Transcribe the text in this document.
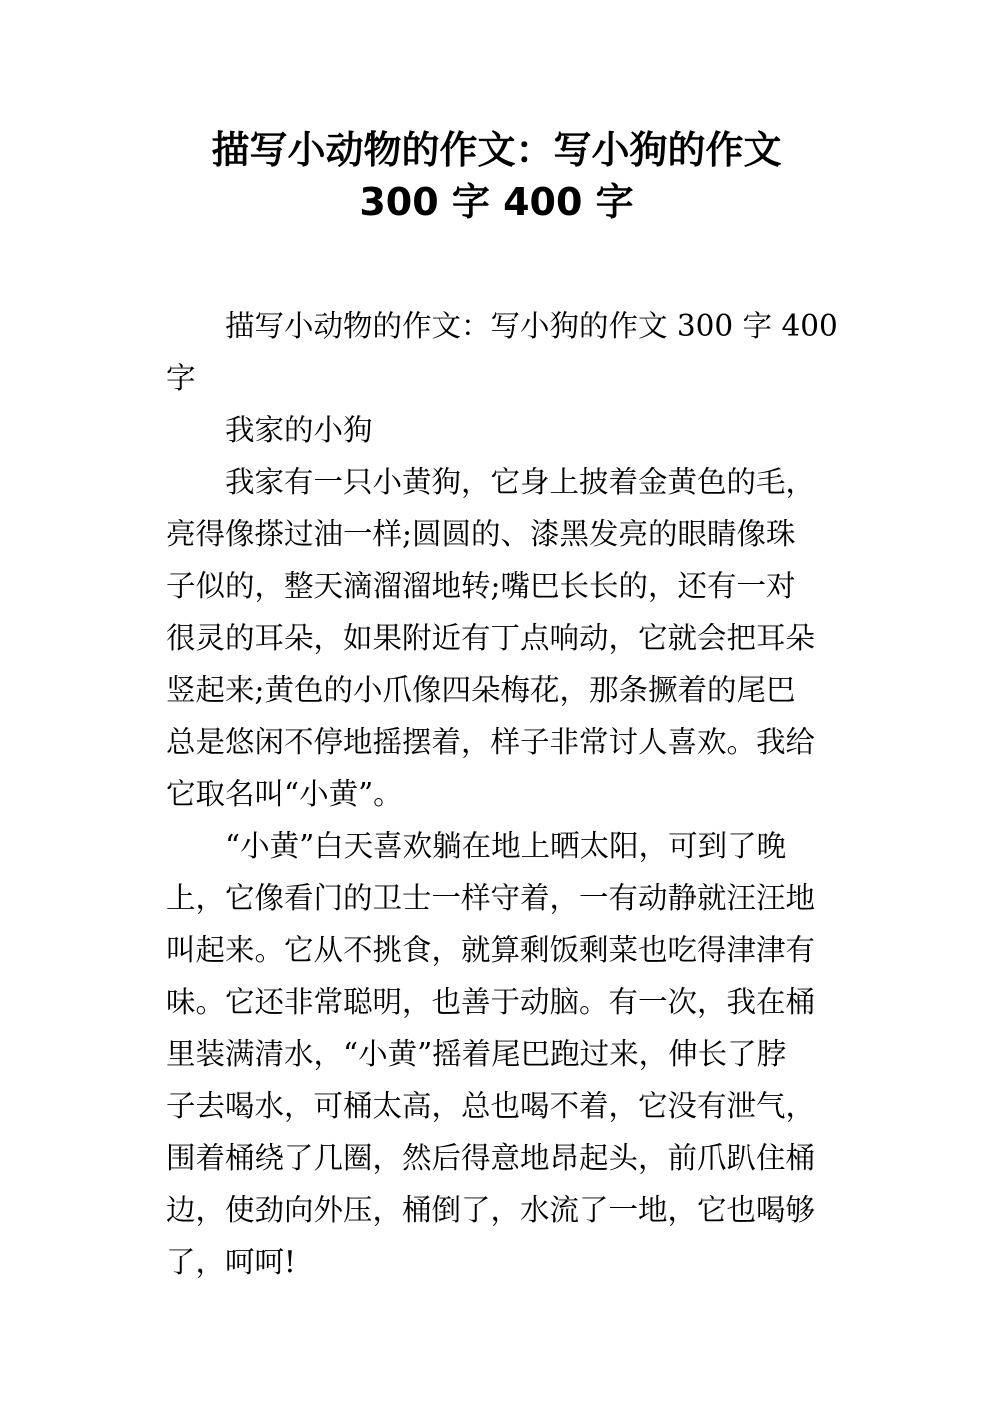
描写小动物的作文：写小狗的作文
300 字 400 字

描写小动物的作文：写小狗的作文 300 字 400
字

我家的小狗

我家有一只小黄狗，它身上披着金黄色的毛，
亮得像搽过油一样;圆圆的、漆黑发亮的眼睛像珠
子似的，整天滴溜溜地转;嘴巴长长的，还有一对
很灵的耳朵，如果附近有丁点响动，它就会把耳朵
竖起来;黄色的小爪像四朵梅花，那条撅着的尾巴
总是悠闲不停地摇摆着，样子非常讨人喜欢。我给
它取名叫“小黄”。

“小黄”白天喜欢躺在地上晒太阳，可到了晚
上，它像看门的卫士一样守着，一有动静就汪汪地
叫起来。它从不挑食，就算剩饭剩菜也吃得津津有
味。它还非常聪明，也善于动脑。有一次，我在桶
里装满清水，“小黄”摇着尾巴跑过来，伸长了脖
子去喝水，可桶太高，总也喝不着，它没有泄气，
围着桶绕了几圈，然后得意地昂起头，前爪趴住桶
边，使劲向外压，桶倒了，水流了一地，它也喝够
了，呵呵!
